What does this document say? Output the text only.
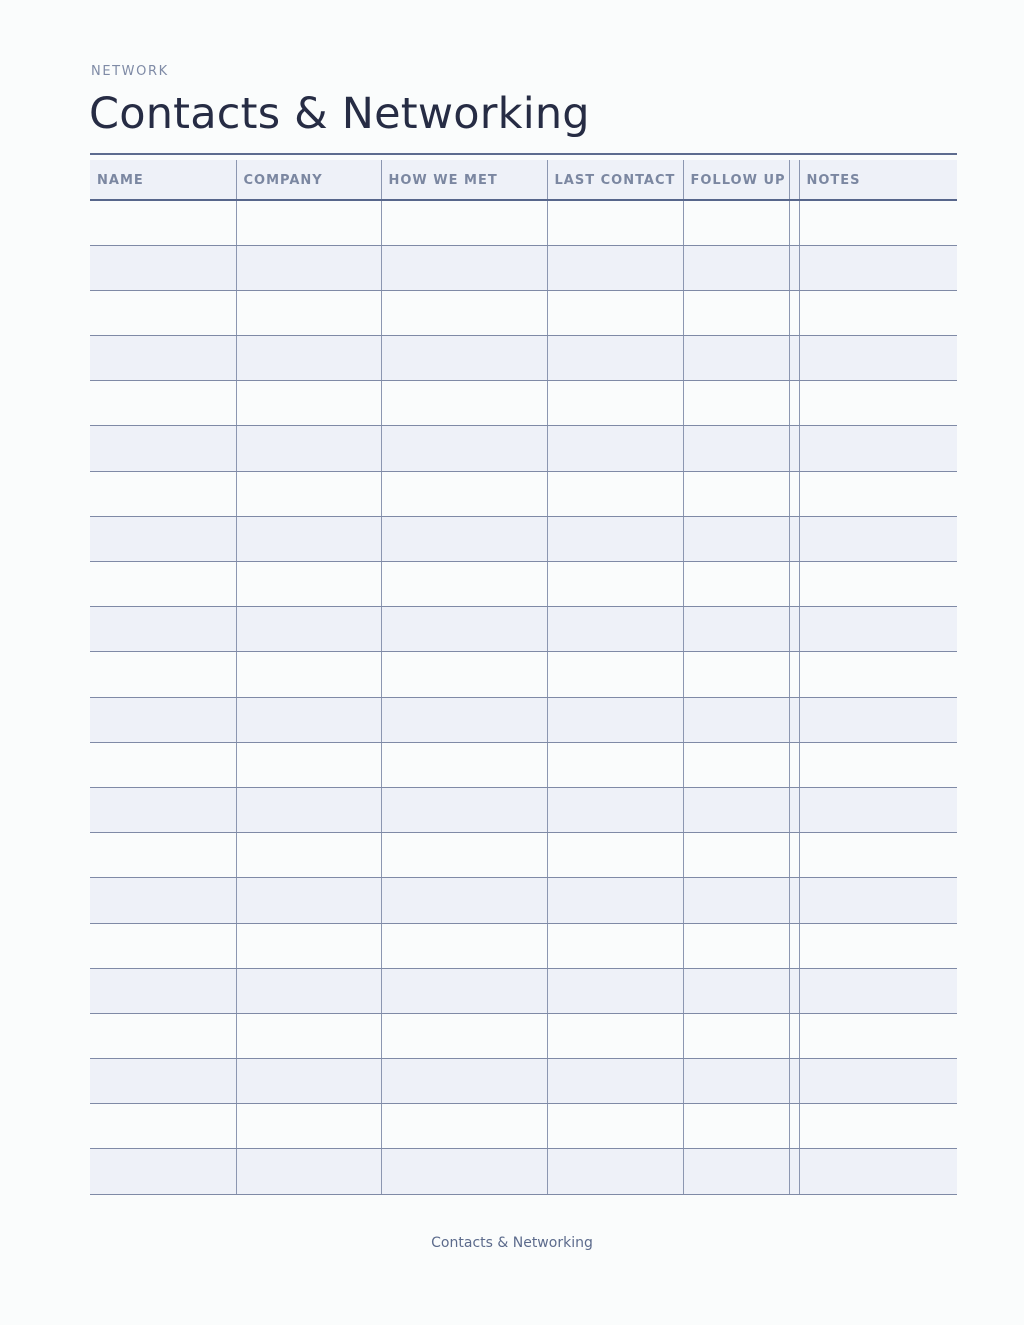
NETWORK
Contacts & Networking
NAME	COMPANY	HOW WE MET	LAST CONTACT	FOLLOW UP		NOTES

Contacts & Networking
